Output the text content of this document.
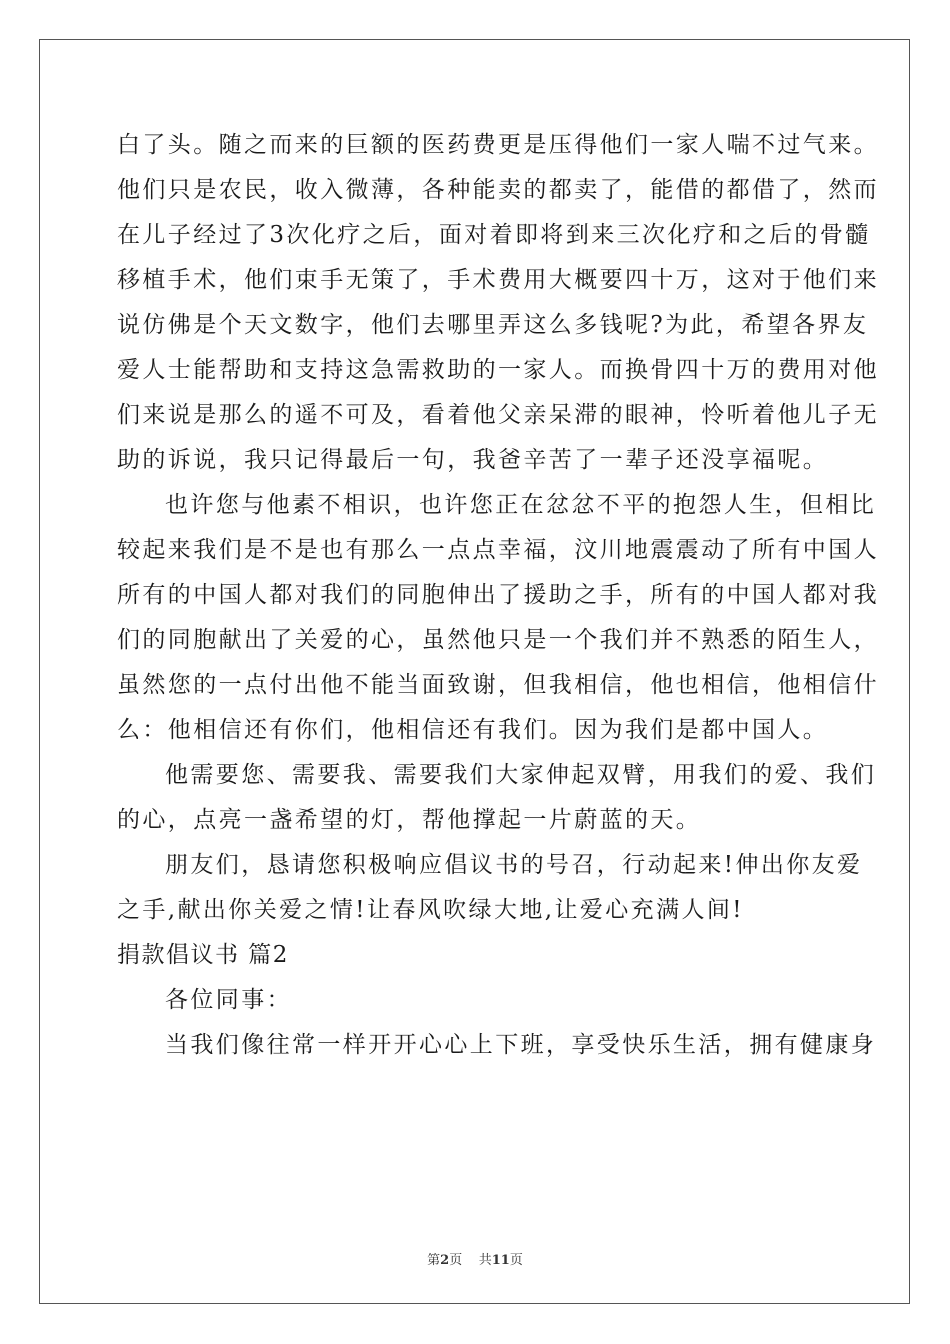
白了头。随之而来的巨额的医药费更是压得他们一家人喘不过气来。
他们只是农民，收入微薄，各种能卖的都卖了，能借的都借了，然而
在儿子经过了3次化疗之后，面对着即将到来三次化疗和之后的骨髓
移植手术，他们束手无策了，手术费用大概要四十万，这对于他们来
说仿佛是个天文数字，他们去哪里弄这么多钱呢?为此，希望各界友
爱人士能帮助和支持这急需救助的一家人。而换骨四十万的费用对他
们来说是那么的遥不可及，看着他父亲呆滞的眼神，怜听着他儿子无
助的诉说，我只记得最后一句，我爸辛苦了一辈子还没享福呢。
也许您与他素不相识，也许您正在忿忿不平的抱怨人生，但相比
较起来我们是不是也有那么一点点幸福，汶川地震震动了所有中国人
所有的中国人都对我们的同胞伸出了援助之手，所有的中国人都对我
们的同胞献出了关爱的心，虽然他只是一个我们并不熟悉的陌生人，
虽然您的一点付出他不能当面致谢，但我相信，他也相信，他相信什
么：他相信还有你们，他相信还有我们。因为我们是都中国人。
他需要您、需要我、需要我们大家伸起双臂，用我们的爱、我们
的心，点亮一盏希望的灯，帮他撑起一片蔚蓝的天。
朋友们，恳请您积极响应倡议书的号召，行动起来!伸出你友爱
之手,献出你关爱之情!让春风吹绿大地,让爱心充满人间!
捐款倡议书 篇2
各位同事：
当我们像往常一样开开心心上下班，享受快乐生活，拥有健康身
第2页    共11页
